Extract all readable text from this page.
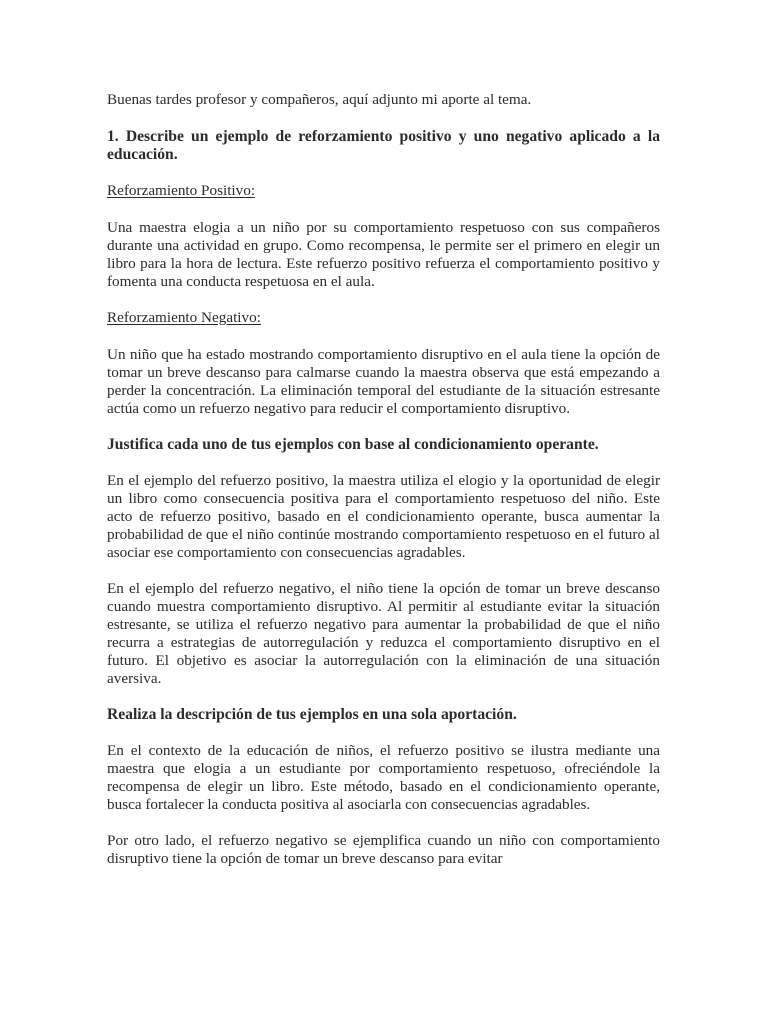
Buenas tardes profesor y compañeros, aquí adjunto mi aporte al tema.

1. Describe un ejemplo de reforzamiento positivo y uno negativo aplicado a la educación.

Reforzamiento Positivo:

Una maestra elogia a un niño por su comportamiento respetuoso con sus compañeros durante una actividad en grupo. Como recompensa, le permite ser el primero en elegir un libro para la hora de lectura. Este refuerzo positivo refuerza el comportamiento positivo y fomenta una conducta respetuosa en el aula.

Reforzamiento Negativo:

Un niño que ha estado mostrando comportamiento disruptivo en el aula tiene la opción de tomar un breve descanso para calmarse cuando la maestra observa que está empezando a perder la concentración. La eliminación temporal del estudiante de la situación estresante actúa como un refuerzo negativo para reducir el comportamiento disruptivo.

Justifica cada uno de tus ejemplos con base al condicionamiento operante.

En el ejemplo del refuerzo positivo, la maestra utiliza el elogio y la oportunidad de elegir un libro como consecuencia positiva para el comportamiento respetuoso del niño. Este acto de refuerzo positivo, basado en el condicionamiento operante, busca aumentar la probabilidad de que el niño continúe mostrando comportamiento respetuoso en el futuro al asociar ese comportamiento con consecuencias agradables.

En el ejemplo del refuerzo negativo, el niño tiene la opción de tomar un breve descanso cuando muestra comportamiento disruptivo. Al permitir al estudiante evitar la situación estresante, se utiliza el refuerzo negativo para aumentar la probabilidad de que el niño recurra a estrategias de autorregulación y reduzca el comportamiento disruptivo en el futuro. El objetivo es asociar la autorregulación con la eliminación de una situación aversiva.

Realiza la descripción de tus ejemplos en una sola aportación.

En el contexto de la educación de niños, el refuerzo positivo se ilustra mediante una maestra que elogia a un estudiante por comportamiento respetuoso, ofreciéndole la recompensa de elegir un libro. Este método, basado en el condicionamiento operante, busca fortalecer la conducta positiva al asociarla con consecuencias agradables.

Por otro lado, el refuerzo negativo se ejemplifica cuando un niño con comportamiento disruptivo tiene la opción de tomar un breve descanso para evitar
